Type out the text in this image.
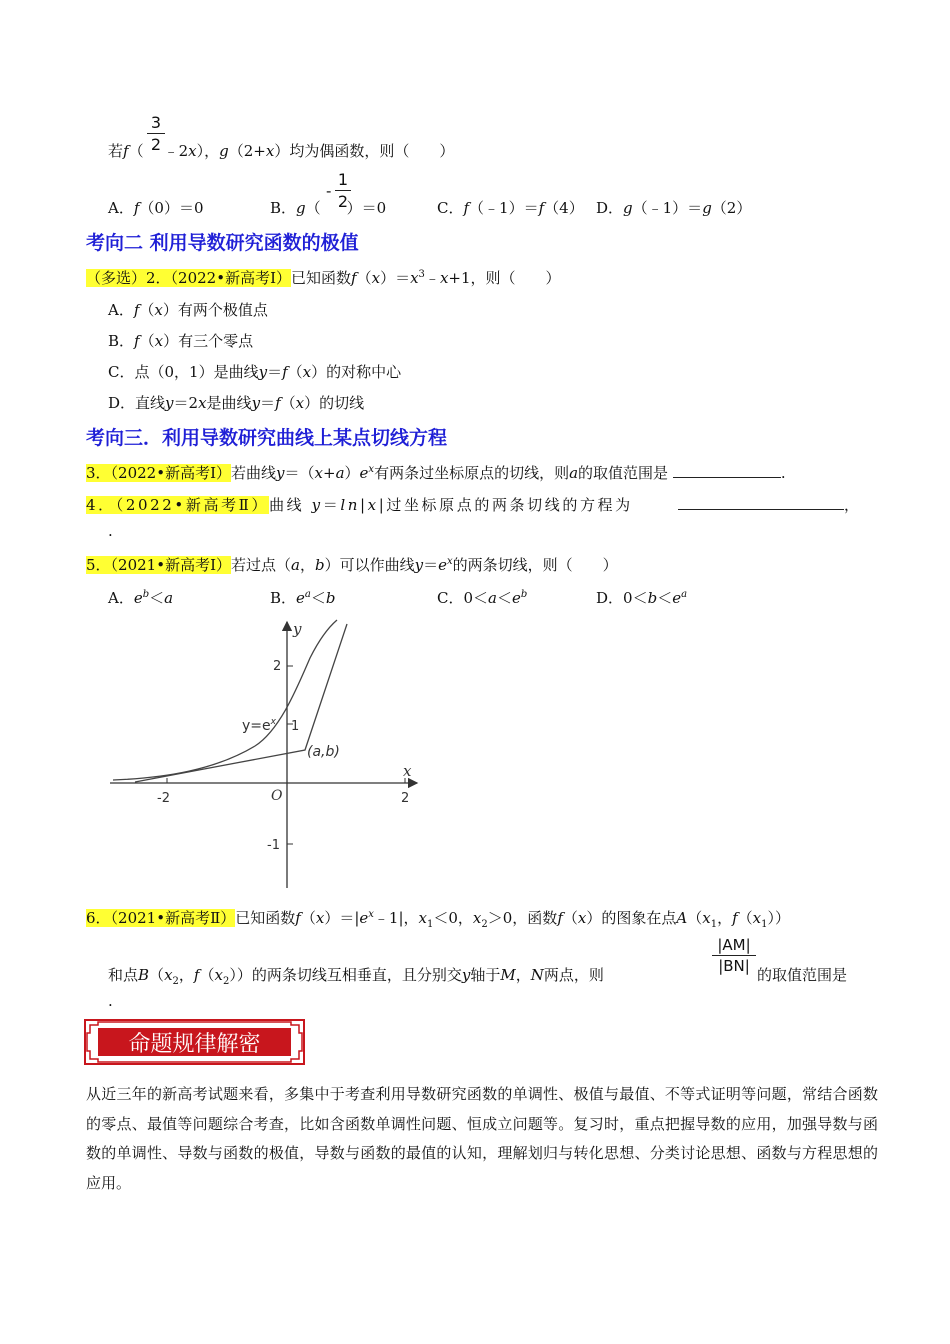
3
2
若f（ ﹣2x），g（2+x）均为偶函数，则（　　）
A．f（0）＝0	B．g（ ）＝0
-
1
2	C．f（﹣1）＝f（4） D．g（﹣1）＝g（2）
考向二 利用导数研究函数的极值
（多选）2．（2022•新高考Ⅰ）已知函数$f(x)=x^3﹣x+1$，则（　　）
A．f（x）有两个极值点
B．f（x）有三个零点
C．点（0，1）是曲线y＝f（x）的对称中心
D．直线y＝2x是曲线y＝f（x）的切线
考向三．利用导数研究曲线上某点切线方程
3．（2022•新高考Ⅰ）若曲线$y=(x+a)e^x$有两条过坐标原点的切线，则a的取值范围是	.
4．（2022•新高考Ⅱ）曲线 y＝ln|x|过坐标原点的两条切线的方程为	，
.
5．（2021•新高考Ⅰ）若过点（a，b）可以作曲线$y=e^x$的两条切线，则（　　）
A．$e^b<a$	B．$e^a<b$	C．$0<a<e^b$	D．$0<b<e^a$
$y=e^x$
(a,b)
x
y
O
-2	2
2
1
-1
6．（2021•新高考Ⅱ）已知函数$f(x)=|e^x﹣1|$，$x_1<0$，$x_2>0$，函数f（x）的图象在点$A(x_1$，$f(x_1)$）
和点$B(x_2$，$f(x_2)$）的两条切线互相垂直，且分别交y轴于M，N两点，则
|AM|
|BN| 的取值范围是
.
命题规律解密
从近三年的新高考试题来看，多集中于考查利用导数研究函数的单调性、极值与最值、不等式证明等问题，常结合函数的零点、最值等问题综合考查，比如含函数单调性问题、恒成立问题等。复习时，重点把握导数的应用，加强导数与函数的单调性、导数与函数的极值，导数与函数的最值的认知，理解划归与转化思想、分类讨论思想、函数与方程思想的应用。
